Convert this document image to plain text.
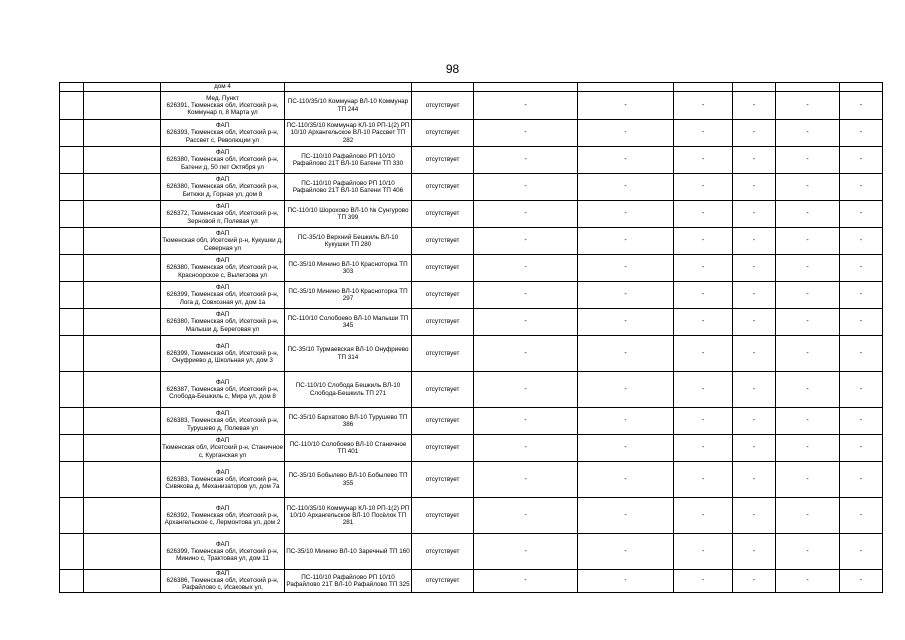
98
		дом 4								

		Мед. Пункт
626391, Тюменская обл, Исетский р-н, Коммунар п, 8 Марта ул	ПС-110/35/10 Коммунар ВЛ-10 Коммунар ТП 244	отсутствует	-	-	-	-	-	-

		ФАП
626393, Тюменская обл, Исетский р-н, Рассвет с, Революции ул	ПС-110/35/10 Коммунар КЛ-10 РП-1(2) РП 10/10 Архангельское ВЛ-10 Рассвет ТП 282	отсутствует	-	-	-	-	-	-

		ФАП
626380, Тюменская обл, Исетский р-н, Батени д, 50 лет Октября ул	ПС-110/10 Рафайлово РП 10/10 Рафайлово 21Т ВЛ-10 Батени ТП 330	отсутствует	-	-	-	-	-	-

		ФАП
626380, Тюменская обл, Исетский р-н, Битюки д, Горная ул, дом 8	ПС-110/10 Рафайлово РП 10/10 Рафайлово 21Т ВЛ-10 Батени ТП 406	отсутствует	-	-	-	-	-	-

		ФАП
626372, Тюменская обл, Исетский р-н, Зерновой п, Полевая ул	ПС-110/10 Шорохово ВЛ-10 № Сунгурово ТП 399	отсутствует	-	-	-	-	-	-

		ФАП
Тюменская обл, Исетский р-н, Кукушки д, Северная ул	ПС-35/10 Верхний Бешкиль ВЛ-10 Кукушки ТП 280	отсутствует	-	-	-	-	-	-

		ФАП
626380, Тюменская обл, Исетский р-н, Красноорское с, Вылегзова ул	ПС-35/10 Минино ВЛ-10 Красноторка ТП 303	отсутствует	-	-	-	-	-	-

		ФАП
626399, Тюменская обл, Исетский р-н, Лога д, Совхозная ул, дом 1а	ПС-35/10 Минино ВЛ-10 Красноторка ТП 297	отсутствует	-	-	-	-	-	-

		ФАП
626380, Тюменская обл, Исетский р-н, Малыши д, Береговая ул	ПС-110/10 Солобоево ВЛ-10 Малыши ТП 345	отсутствует	-	-	-	-	-	-

		ФАП
626399, Тюменская обл, Исетский р-н, Онуфриево д, Школьная ул, дом 3	ПС-35/10 Турмаевская ВЛ-10 Онуфриево ТП 314	отсутствует	-	-	-	-	-	-

		ФАП
626387, Тюменская обл, Исетский р-н, Слобода-Бешкиль с, Мира ул, дом 8	ПС-110/10 Слобода Бешкиль ВЛ-10 Слобода-Бешкиль ТП 271	отсутствует	-	-	-	-	-	-

		ФАП
626383, Тюменская обл, Исетский р-н, Турушево д, Полевая ул	ПС-35/10 Бархатово ВЛ-10 Турушево ТП 386	отсутствует	-	-	-	-	-	-

		ФАП
Тюменская обл, Исетский р-н, Станичное с, Курганская ул	ПС-110/10 Солобоево ВЛ-10 Станичное ТП 401	отсутствует	-	-	-	-	-	-

		ФАП
626383, Тюменская обл, Исетский р-н, Сивякова д, Механизаторов ул, дом 7а	ПС-35/10 Бобылево ВЛ-10 Бобылево ТП 355	отсутствует	-	-	-	-	-	-

		ФАП
626392, Тюменская обл, Исетский р-н, Архангельское с, Лермонтова ул, дом 2	ПС-110/35/10 Коммунар КЛ-10 РП-1(2) РП 10/10 Архангельское ВЛ-10 Посёлок ТП 281	отсутствует	-	-	-	-	-	-

		ФАП
626399, Тюменская обл, Исетский р-н, Минино с, Трактовая ул, дом 11	ПС-35/10 Минино ВЛ-10 Заречный ТП 160	отсутствует	-	-	-	-	-	-

		ФАП
626386, Тюменская обл, Исетский р-н, Рафайлово с, Исаковых ул,	ПС-110/10 Рафайлово РП 10/10 Рафайлово 21Т ВЛ-10 Рафайлово ТП 325	отсутствует	-	-	-	-	-	-
